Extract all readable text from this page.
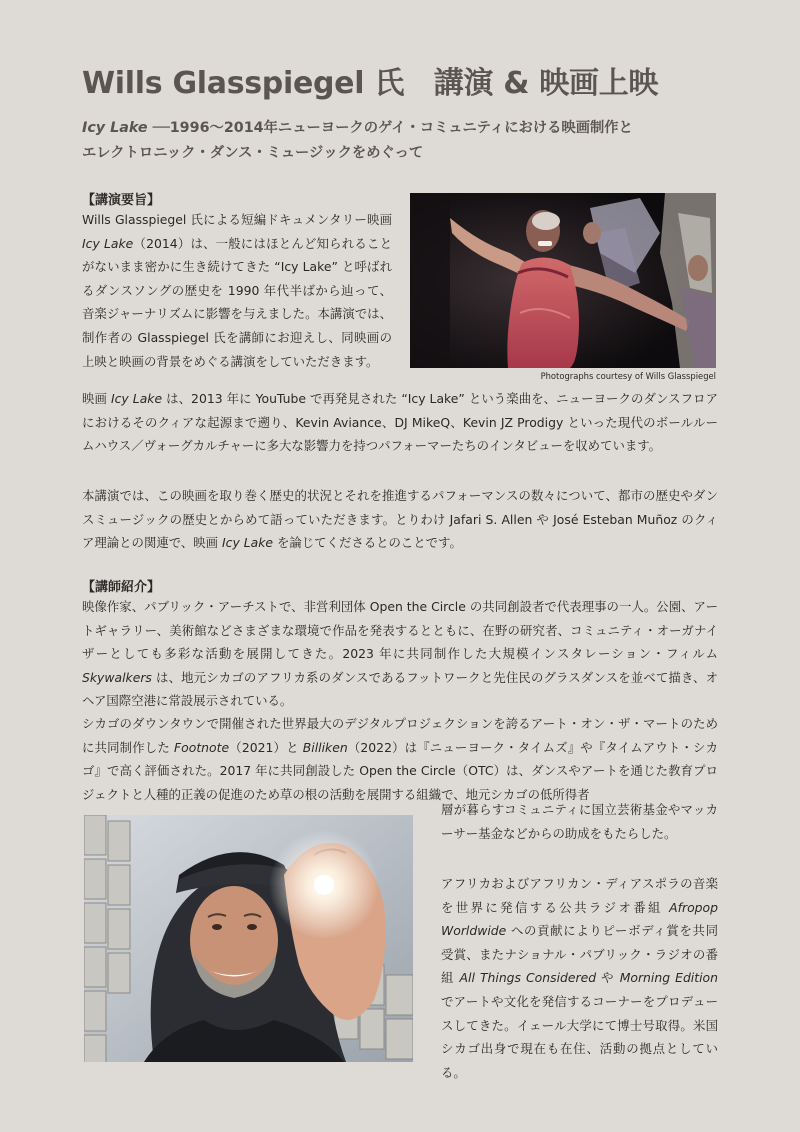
Wills Glasspiegel 氏　講演 & 映画上映
Icy Lake ──1996～2014年ニューヨークのゲイ・コミュニティにおける映画制作と
エレクトロニック・ダンス・ミュージックをめぐって
【講演要旨】
Wills Glasspiegel 氏による短編ドキュメンタリー映画 Icy Lake（2014）は、一般にはほとんど知られることがないまま密かに生き続けてきた “Icy Lake” と呼ばれるダンスソングの歴史を 1990 年代半ばから辿って、音楽ジャーナリズムに影響を与えました。本講演では、制作者の Glasspiegel 氏を講師にお迎えし、同映画の上映と映画の背景をめぐる講演をしていただきます。
Photographs courtesy of Wills Glasspiegel
映画 Icy Lake は、2013 年に YouTube で再発見された “Icy Lake” という楽曲を、ニューヨークのダンスフロアにおけるそのクィアな起源まで遡り、Kevin Aviance、DJ MikeQ、Kevin JZ Prodigy といった現代のボールルームハウス／ヴォーグカルチャーに多大な影響力を持つパフォーマーたちのインタビューを収めています。
本講演では、この映画を取り巻く歴史的状況とそれを推進するパフォーマンスの数々について、都市の歴史やダンスミュージックの歴史とからめて語っていただきます。とりわけ Jafari S. Allen や José Esteban Muñoz のクィア理論との関連で、映画 Icy Lake を論じてくださるとのことです。
【講師紹介】
映像作家、パブリック・アーチストで、非営利団体 Open the Circle の共同創設者で代表理事の一人。公園、アートギャラリー、美術館などさまざまな環境で作品を発表するとともに、在野の研究者、コミュニティ・オーガナイザーとしても多彩な活動を展開してきた。2023 年に共同制作した大規模インスタレーション・フィルム Skywalkers は、地元シカゴのアフリカ系のダンスであるフットワークと先住民のグラスダンスを並べて描き、オヘア国際空港に常設展示されている。
シカゴのダウンタウンで開催された世界最大のデジタルプロジェクションを誇るアート・オン・ザ・マートのために共同制作した Footnote（2021）と Billiken（2022）は『ニューヨーク・タイムズ』や『タイムアウト・シカゴ』で高く評価された。2017 年に共同創設した Open the Circle（OTC）は、ダンスやアートを通じた教育プロジェクトと人種的正義の促進のため草の根の活動を展開する組織で、地元シカゴの低所得者
層が暮らすコミュニティに国立芸術基金やマッカーサー基金などからの助成をもたらした。
アフリカおよびアフリカン・ディアスポラの音楽を世界に発信する公共ラジオ番組 Afropop Worldwide への貢献によりピーボディ賞を共同受賞、またナショナル・パブリック・ラジオの番組 All Things Considered や Morning Edition でアートや文化を発信するコーナーをプロデュースしてきた。イェール大学にて博士号取得。米国シカゴ出身で現在も在住、活動の拠点としている。
